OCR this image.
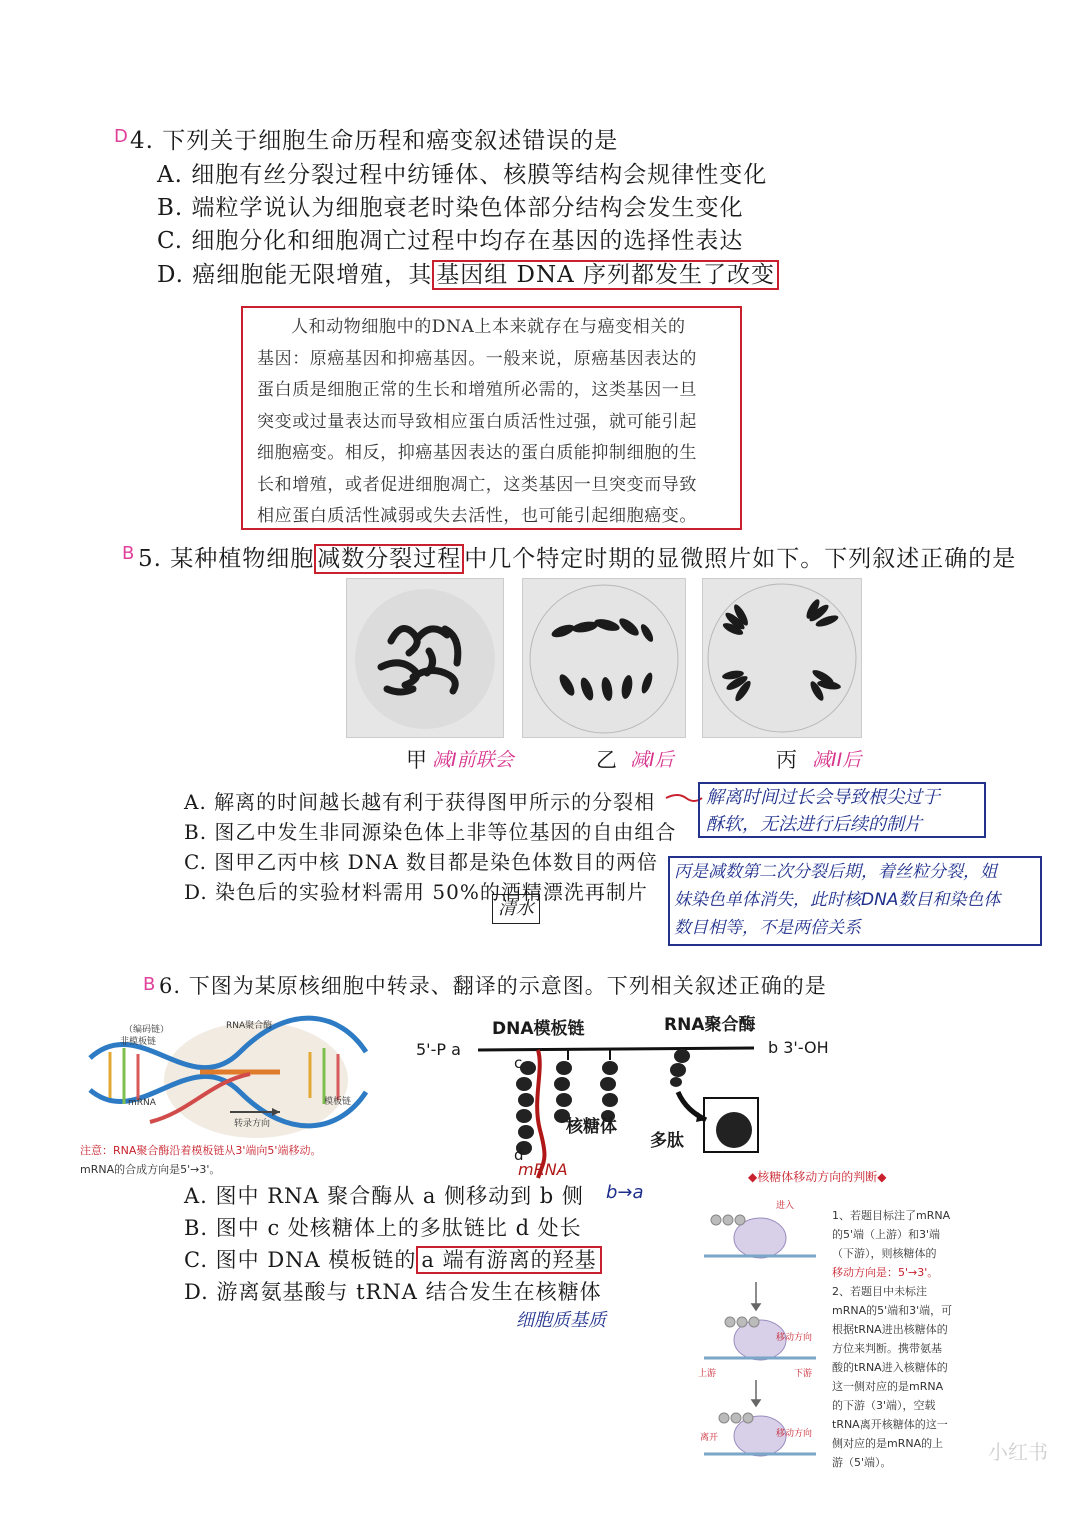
D 4. 下列关于细胞生命历程和癌变叙述错误的是
A. 细胞有丝分裂过程中纺锤体、核膜等结构会规律性变化
B. 端粒学说认为细胞衰老时染色体部分结构会发生变化
C. 细胞分化和细胞凋亡过程中均存在基因的选择性表达
D. 癌细胞能无限增殖，其 基因组 DNA 序列都发生了改变
人和动物细胞中的DNA上本来就存在与癌变相关的
基因：原癌基因和抑癌基因。一般来说，原癌基因表达的
蛋白质是细胞正常的生长和增殖所必需的，这类基因一旦
突变或过量表达而导致相应蛋白质活性过强，就可能引起
细胞癌变。相反，抑癌基因表达的蛋白质能抑制细胞的生
长和增殖，或者促进细胞凋亡，这类基因一旦突变而导致
相应蛋白质活性减弱或失去活性，也可能引起细胞癌变。
B 5. 某种植物细胞 减数分裂过程 中几个特定时期的显微照片如下。下列叙述正确的是
甲 减I前联会	乙 减I后	丙 减II后
A. 解离的时间越长越有利于获得图甲所示的分裂相
B. 图乙中发生非同源染色体上非等位基因的自由组合
C. 图甲乙丙中核 DNA 数目都是染色体数目的两倍
D. 染色后的实验材料需用 50%的酒精漂洗再制片
解离时间过长会导致根尖过于
酥软，无法进行后续的制片
丙是减数第二次分裂后期，着丝粒分裂，姐
妹染色单体消失，此时核DNA数目和染色体
数目相等，不是两倍关系
清水
B 6. 下图为某原核细胞中转录、翻译的示意图。下列相关叙述正确的是
（编码链）
非模板链
RNA聚合酶
模板链
mRNA
转录方向
注意：RNA聚合酶沿着模板链从3'端向5'端移动。
mRNA的合成方向是5'→3'。
DNA模板链	RNA聚合酶
5'-P a	b 3'-OH
c
d
核糖体
多肽
mRNA
A. 图中 RNA 聚合酶从 a 侧移动到 b 侧 b→a
B. 图中 c 处核糖体上的多肽链比 d 处长
C. 图中 DNA 模板链的 a 端有游离的羟基
D. 游离氨基酸与 tRNA 结合发生在核糖体
细胞质基质
◆核糖体移动方向的判断◆
进入
移动方向
上游	下游
移动方向
离开
1、若题目标注了mRNA
的5'端（上游）和3'端
（下游），则核糖体的
移动方向是：5'→3'。
2、若题目中未标注
mRNA的5'端和3'端，可
根据tRNA进出核糖体的
方位来判断。携带氨基
酸的tRNA进入核糖体的
这一侧对应的是mRNA
的下游（3'端），空载
tRNA离开核糖体的这一
侧对应的是mRNA的上
游（5'端）。	小红书
